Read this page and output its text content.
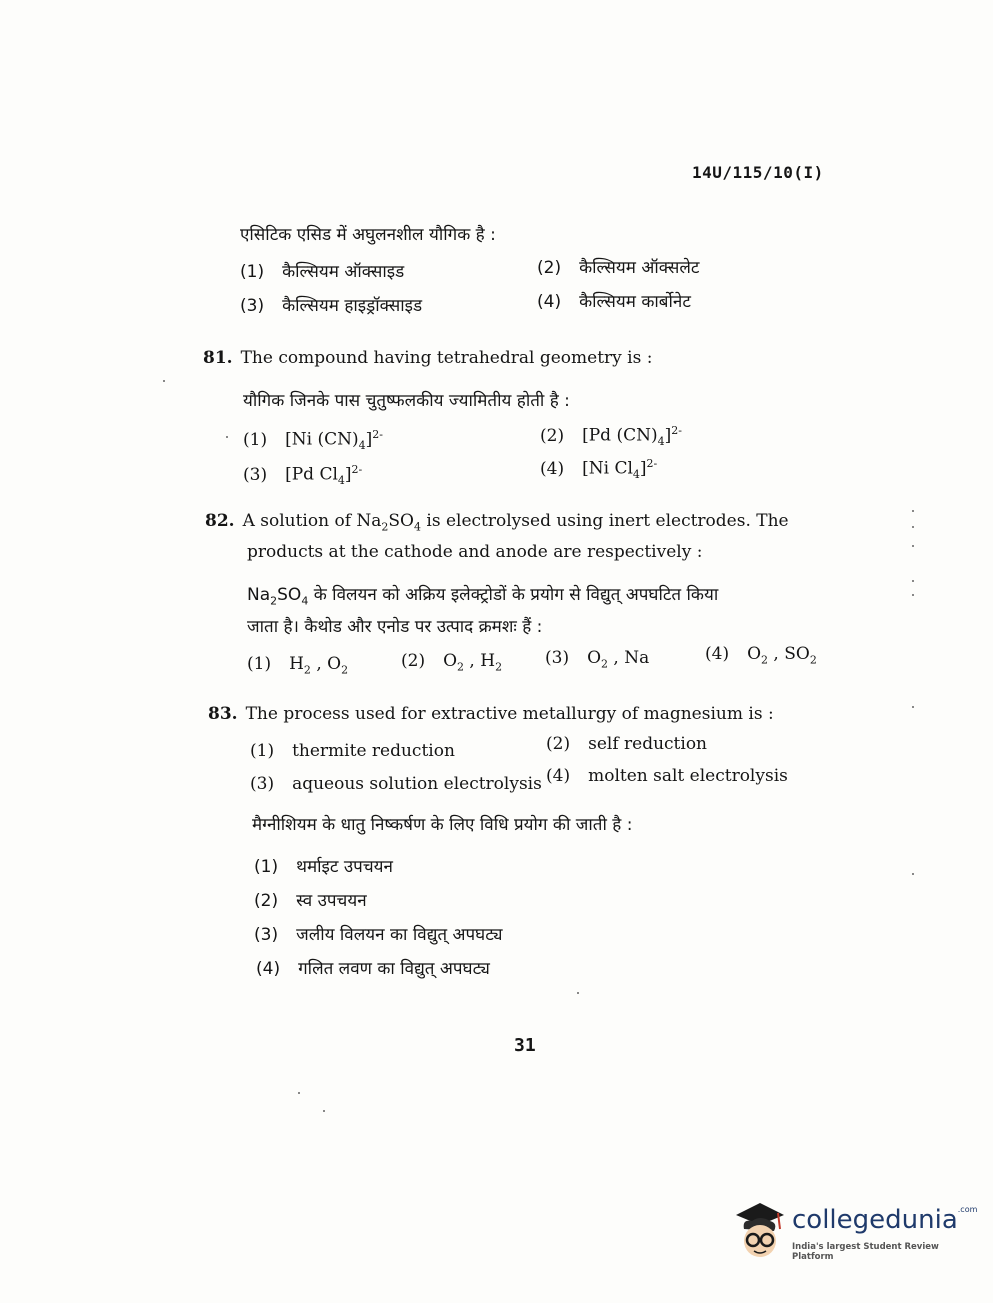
14U/115/10(I)
एसिटिक एसिड में अघुलनशील यौगिक है :
(1) कैल्सियम ऑक्साइड	(2) कैल्सियम ऑक्सलेट
(3) कैल्सियम हाइड्रॉक्साइड	(4) कैल्सियम कार्बोनेट
81. The compound having tetrahedral geometry is :
यौगिक जिनके पास चुतुष्फलकीय ज्यामितीय होती है :
(1) [Ni $(CN)_4]^{2-}$	(2) [Pd $(CN)_4]^{2-}$
(3) [Pd $Cl_4]^{2-}$	(4) [Ni $Cl_4]^{2-}$
82. A solution of $Na_2SO_4$ is electrolysed using inert electrodes. The
products at the cathode and anode are respectively :
$Na_2SO_4$ के विलयन को अक्रिय इलेक्ट्रोडों के प्रयोग से विद्युत् अपघटित किया
जाता है। कैथोड और एनोड पर उत्पाद क्रमशः हैं :
(1) $H_2$ , $O_2$	(2) $O_2$ , $H_2$	(3) $O_2$ , Na	(4) $O_2$ , $SO_2$
83. The process used for extractive metallurgy of magnesium is :
(1) thermite reduction	(2) self reduction
(3) aqueous solution electrolysis (4) molten salt electrolysis
मैग्नीशियम के धातु निष्कर्षण के लिए विधि प्रयोग की जाती है :
(1) थर्माइट उपचयन
(2) स्व उपचयन
(3) जलीय विलयन का विद्युत् अपघट्य
(4) गलित लवण का विद्युत् अपघट्य
31
collegedunia$^{.com}$
India's largest Student Review Platform
